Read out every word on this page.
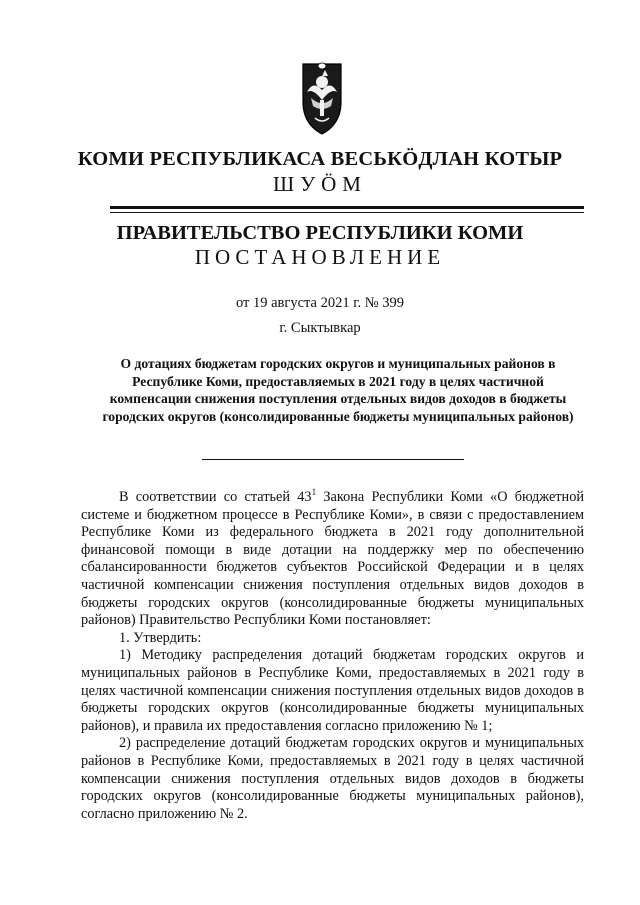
КОМИ РЕСПУБЛИКАСА ВЕСЬКӦДЛАН КОТЫР
ШУӦМ
ПРАВИТЕЛЬСТВО РЕСПУБЛИКИ КОМИ
ПОСТАНОВЛЕНИЕ
от 19 августа 2021 г. № 399
г. Сыктывкар
О дотациях бюджетам городских округов и муниципальных районов в Республике Коми, предоставляемых в 2021 году в целях частичной компенсации снижения поступления отдельных видов доходов в бюджеты городских округов (консолидированные бюджеты муниципальных районов)

В соответствии со статьей $43^1$ Закона Республики Коми «О бюджетной системе и бюджетном процессе в Республике Коми», в связи с предоставлением Республике Коми из федерального бюджета в 2021 году дополнительной финансовой помощи в виде дотации на поддержку мер по обеспечению сбалансированности бюджетов субъектов Российской Федерации и в целях частичной компенсации снижения поступления отдельных видов доходов в бюджеты городских округов (консолидированные бюджеты муниципальных районов) Правительство Республики Коми постановляет:

1. Утвердить:

1) Методику распределения дотаций бюджетам городских округов и муниципальных районов в Республике Коми, предоставляемых в 2021 году в целях частичной компенсации снижения поступления отдельных видов доходов в бюджеты городских округов (консолидированные бюджеты муниципальных районов), и правила их предоставления согласно приложению № 1;

2) распределение дотаций бюджетам городских округов и муниципальных районов в Республике Коми, предоставляемых в 2021 году в целях частичной компенсации снижения поступления отдельных видов доходов в бюджеты городских округов (консолидированные бюджеты муниципальных районов), согласно приложению № 2.
